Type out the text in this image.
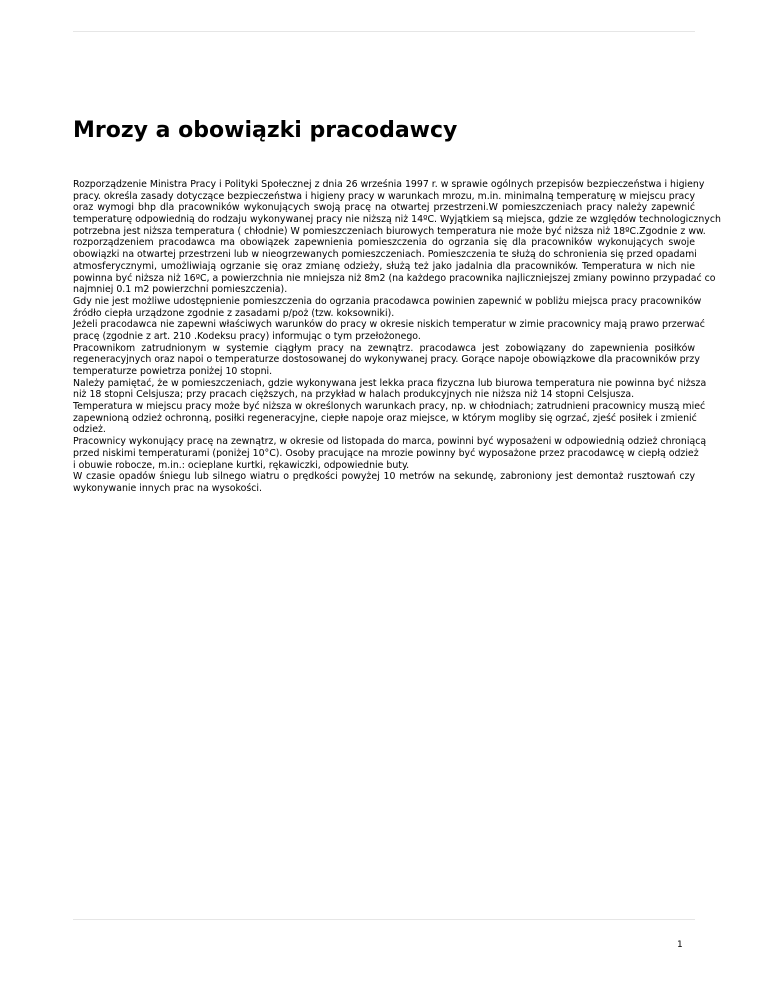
Mrozy a obowiązki pracodawcy
Rozporządzenie Ministra Pracy i Polityki Społecznej z dnia 26 września 1997 r. w sprawie ogólnych przepisów bezpieczeństwa i higieny
pracy. określa zasady dotyczące bezpieczeństwa i higieny pracy w warunkach mrozu, m.in. minimalną temperaturę w miejscu pracy
oraz wymogi bhp dla pracowników wykonujących swoją pracę na otwartej przestrzeni.W pomieszczeniach pracy należy zapewnić
temperaturę odpowiednią do rodzaju wykonywanej pracy nie niższą niż 14ºC. Wyjątkiem są miejsca, gdzie ze względów technologicznych
potrzebna jest niższa temperatura ( chłodnie) W pomieszczeniach biurowych temperatura nie może być niższa niż 18ºC.Zgodnie z ww.
rozporządzeniem pracodawca ma obowiązek zapewnienia pomieszczenia do ogrzania się dla pracowników wykonujących swoje
obowiązki na otwartej przestrzeni lub w nieogrzewanych pomieszczeniach. Pomieszczenia te służą do schronienia się przed opadami
atmosferycznymi, umożliwiają ogrzanie się oraz zmianę odzieży, służą też jako jadalnia dla pracowników. Temperatura w nich nie
powinna być niższa niż 16ºC, a powierzchnia nie mniejsza niż 8m2 (na każdego pracownika najliczniejszej zmiany powinno przypadać co
najmniej 0.1 m2 powierzchni pomieszczenia).
Gdy nie jest możliwe udostępnienie pomieszczenia do ogrzania pracodawca powinien zapewnić w pobliżu miejsca pracy pracowników
źródło ciepła urządzone zgodnie z zasadami p/poż (tzw. koksowniki).
Jeżeli pracodawca nie zapewni właściwych warunków do pracy w okresie niskich temperatur w zimie pracownicy mają prawo przerwać
pracę (zgodnie z art. 210 .Kodeksu pracy) informując o tym przełożonego.
Pracownikom zatrudnionym w systemie ciągłym pracy na zewnątrz. pracodawca jest zobowiązany do zapewnienia posiłków
regeneracyjnych oraz napoi o temperaturze dostosowanej do wykonywanej pracy. Gorące napoje obowiązkowe dla pracowników przy
temperaturze powietrza poniżej 10 stopni.
Należy pamiętać, że w pomieszczeniach, gdzie wykonywana jest lekka praca fizyczna lub biurowa temperatura nie powinna być niższa
niż 18 stopni Celsjusza; przy pracach cięższych, na przykład w halach produkcyjnych nie niższa niż 14 stopni Celsjusza.
Temperatura w miejscu pracy może być niższa w określonych warunkach pracy, np. w chłodniach; zatrudnieni pracownicy muszą mieć
zapewnioną odzież ochronną, posiłki regeneracyjne, ciepłe napoje oraz miejsce, w którym mogliby się ogrzać, zjeść posiłek i zmienić
odzież.
Pracownicy wykonujący pracę na zewnątrz, w okresie od listopada do marca, powinni być wyposażeni w odpowiednią odzież chroniącą
przed niskimi temperaturami (poniżej 10°C). Osoby pracujące na mrozie powinny być wyposażone przez pracodawcę w ciepłą odzież
i obuwie robocze, m.in.: ocieplane kurtki, rękawiczki, odpowiednie buty.
W czasie opadów śniegu lub silnego wiatru o prędkości powyżej 10 metrów na sekundę, zabroniony jest demontaż rusztowań czy
wykonywanie innych prac na wysokości.
1
